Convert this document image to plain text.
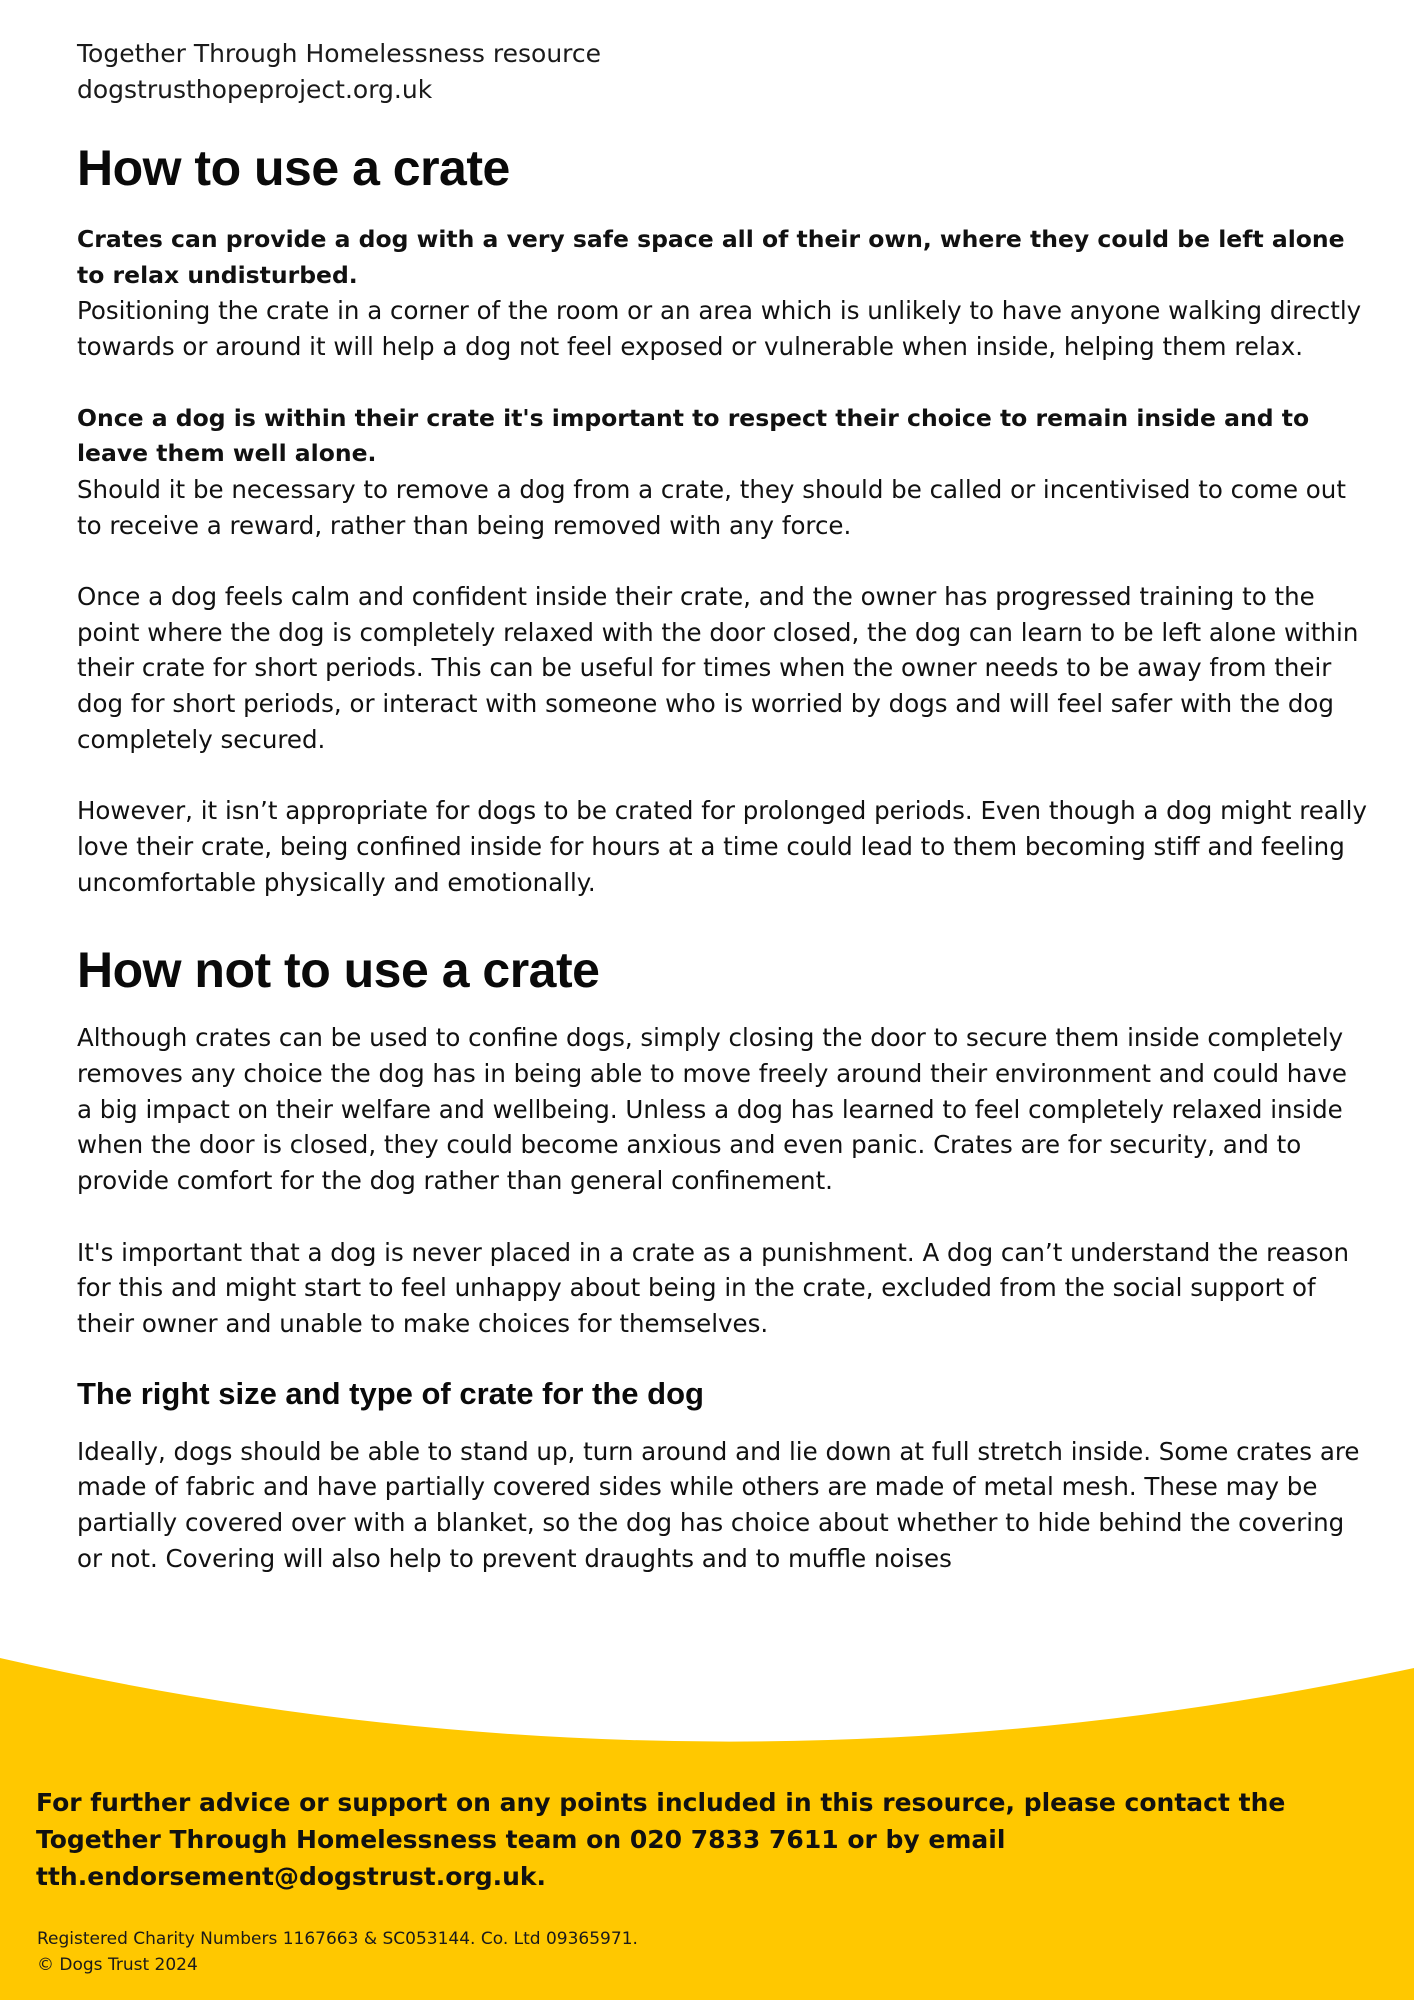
Together Through Homelessness resource

dogstrusthopeproject.org.uk

How to use a crate

Crates can provide a dog with a very safe space all of their own, where they could be left alone to relax undisturbed.

Positioning the crate in a corner of the room or an area which is unlikely to have anyone walking directly towards or around it will help a dog not feel exposed or vulnerable when inside, helping them relax.

Once a dog is within their crate it's important to respect their choice to remain inside and to leave them well alone.

Should it be necessary to remove a dog from a crate, they should be called or incentivised to come out to receive a reward, rather than being removed with any force.

Once a dog feels calm and confident inside their crate, and the owner has progressed training to the point where the dog is completely relaxed with the door closed, the dog can learn to be left alone within their crate for short periods. This can be useful for times when the owner needs to be away from their dog for short periods, or interact with someone who is worried by dogs and will feel safer with the dog completely secured.

However, it isn’t appropriate for dogs to be crated for prolonged periods. Even though a dog might really love their crate, being confined inside for hours at a time could lead to them becoming stiff and feeling uncomfortable physically and emotionally.

How not to use a crate

Although crates can be used to confine dogs, simply closing the door to secure them inside completely removes any choice the dog has in being able to move freely around their environment and could have a big impact on their welfare and wellbeing. Unless a dog has learned to feel completely relaxed inside when the door is closed, they could become anxious and even panic. Crates are for security, and to provide comfort for the dog rather than general confinement.

It's important that a dog is never placed in a crate as a punishment. A dog can’t understand the reason for this and might start to feel unhappy about being in the crate, excluded from the social support of their owner and unable to make choices for themselves.

The right size and type of crate for the dog

Ideally, dogs should be able to stand up, turn around and lie down at full stretch inside. Some crates are made of fabric and have partially covered sides while others are made of metal mesh. These may be partially covered over with a blanket, so the dog has choice about whether to hide behind the covering or not. Covering will also help to prevent draughts and to muffle noises

For further advice or support on any points included in this resource, please contact the Together Through Homelessness team on 020 7833 7611 or by email tth.endorsement@dogstrust.org.uk.

Registered Charity Numbers 1167663 & SC053144. Co. Ltd 09365971.
© Dogs Trust 2024
